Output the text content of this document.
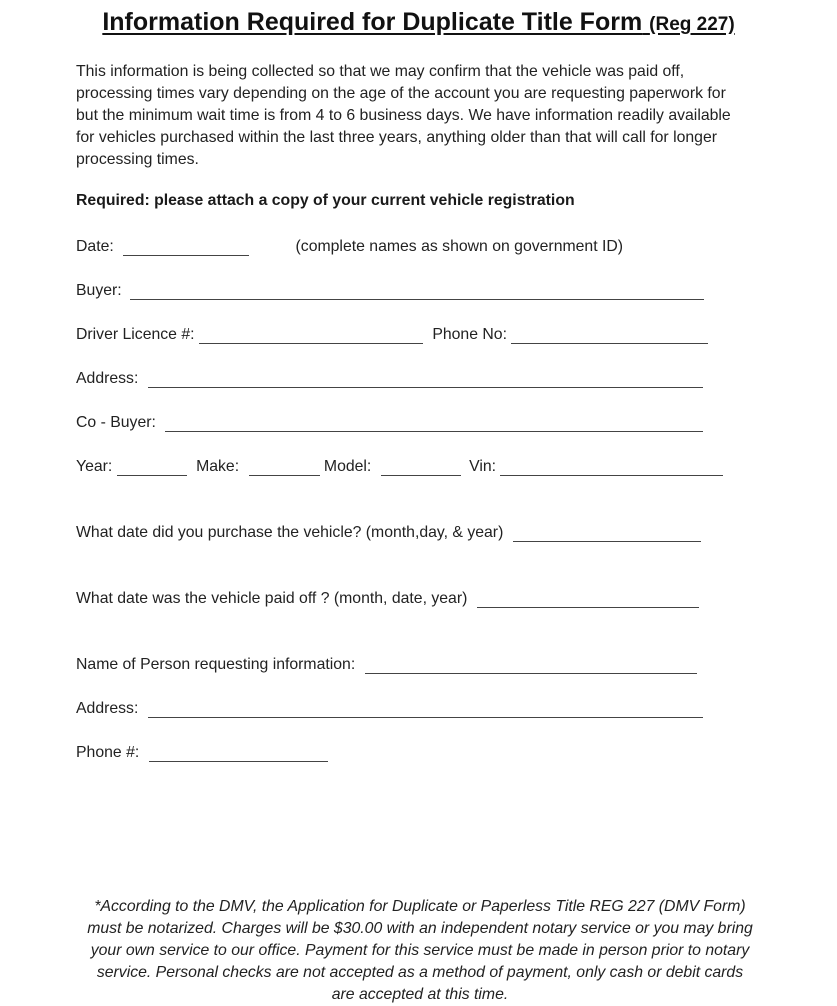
Information Required for Duplicate Title Form (Reg 227)
This information is being collected so that we may confirm that the vehicle was paid off,
processing times vary depending on the age of the account you are requesting paperwork for
but the minimum wait time is from 4 to 6 business days. We have information readily available
for vehicles purchased within the last three years, anything older than that will call for longer
processing times.
Required: please attach a copy of your current vehicle registration
Date:	(complete names as shown on government ID)
Buyer:
Driver Licence #:	Phone No:
Address:
Co - Buyer:
Year:	Make:	Model:	Vin:
What date did you purchase the vehicle? (month,day, & year)
What date was the vehicle paid off ? (month, date, year)
Name of Person requesting information:
Address:
Phone #:
*According to the DMV, the Application for Duplicate or Paperless Title REG 227 (DMV Form)
must be notarized. Charges will be $30.00 with an independent notary service or you may bring
your own service to our office. Payment for this service must be made in person prior to notary
service. Personal checks are not accepted as a method of payment, only cash or debit cards
are accepted at this time.
